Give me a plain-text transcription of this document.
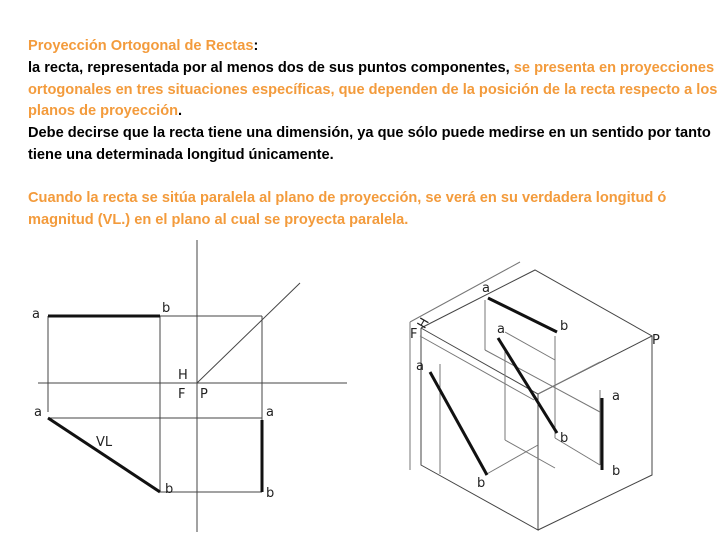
Proyección Ortogonal de Rectas:

la recta, representada por al menos dos de sus puntos componentes, se presenta en proyecciones ortogonales en tres situaciones específicas, que dependen de la posición de la recta respecto a los planos de proyección.

Debe decirse que la recta tiene una dimensión, ya que sólo puede medirse en un sentido por tanto tiene una determinada longitud únicamente.

Cuando la recta se sitúa paralela al plano de proyección, se verá en su verdadera longitud ó magnitud (VL.) en el plano al cual se proyecta paralela.

a	b
H
F P
a
VL
b
a
b
F
H
P
a
b
a
b
a
b
a
b
